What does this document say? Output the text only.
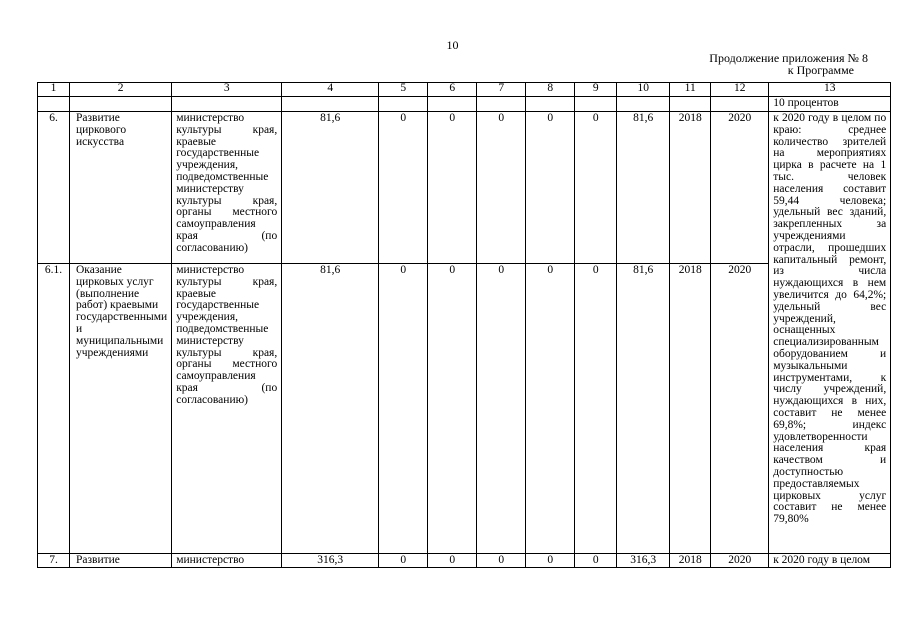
10
Продолжение приложения № 8
к Программе
1	2	3	4	5	6	7	8	9	10	11	12	13
												10 процентов
6.	Развитие циркового искусства	министерство культуры края, краевые государственные учреждения, подведомственные министерству культуры края, органы местного самоуправления края (по согласованию)	81,6	0	0	0	0	0	81,6	2018	2020	к 2020 году в целом по краю: среднее количество зрителей на мероприятиях цирка в расчете на 1 тыс. человек населения составит 59,44 человека; удельный вес зданий, закрепленных за учреждениями отрасли, прошедших капитальный ремонт, из числа нуждающихся в нем увеличится до 64,2%; удельный вес учреждений, оснащенных специализированным оборудованием и музыкальными инструментами, к числу учреждений, нуждающихся в них, составит не менее 69,8%; индекс удовлетворенности населения края качеством и доступностью предоставляемых цирковых услуг составит не менее 79,80%
6.1.	Оказание цирковых услуг (выполнение работ) краевыми государственными и муниципальными учреждениями	министерство культуры края, краевые государственные учреждения, подведомственные министерству культуры края, органы местного самоуправления края (по согласованию)	81,6	0	0	0	0	0	81,6	2018	2020	
7.	Развитие	министерство	316,3	0	0	0	0	0	316,3	2018	2020	к 2020 году в целом
